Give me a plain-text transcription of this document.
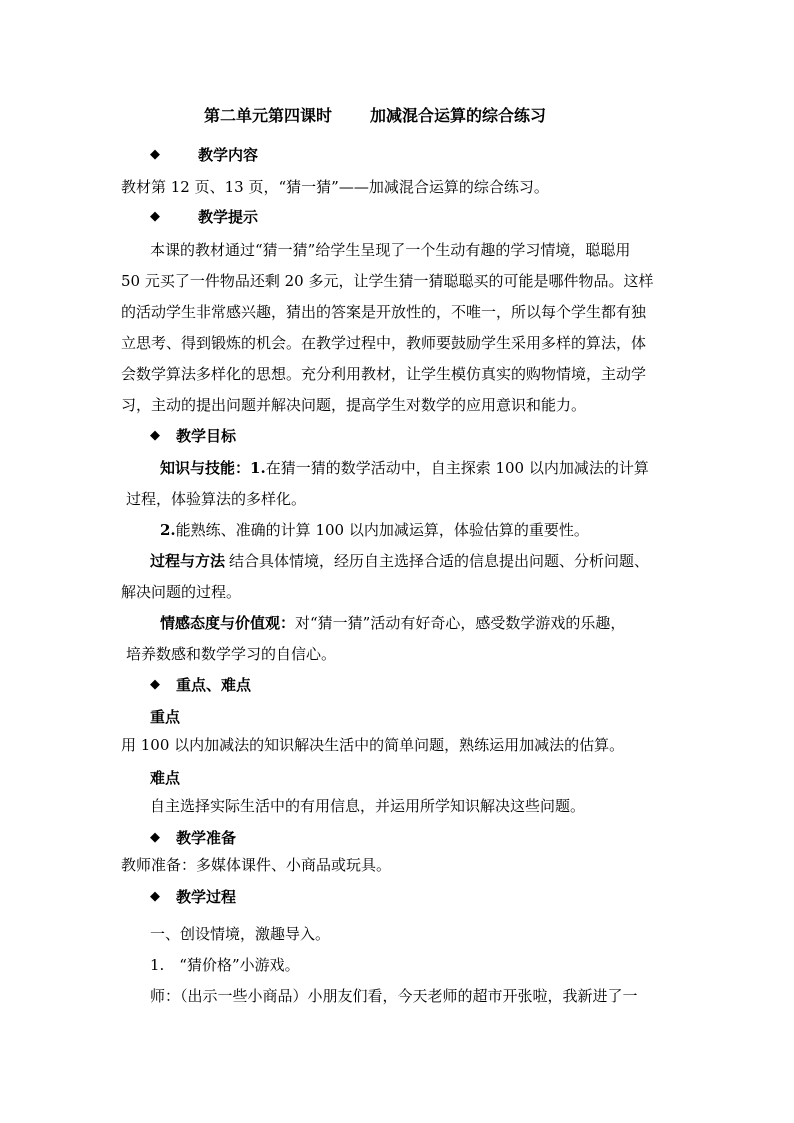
第二单元第四课时 加减混合运算的综合练习
◆	教学内容
教材第 12 页、13 页，“猜一猜”——加减混合运算的综合练习。
◆	教学提示
本课的教材通过“猜一猜”给学生呈现了一个生动有趣的学习情境，聪聪用
50 元买了一件物品还剩 20 多元，让学生猜一猜聪聪买的可能是哪件物品。这样
的活动学生非常感兴趣，猜出的答案是开放性的，不唯一，所以每个学生都有独
立思考、得到锻炼的机会。在教学过程中，教师要鼓励学生采用多样的算法，体
会数学算法多样化的思想。充分利用教材，让学生模仿真实的购物情境，主动学
习，主动的提出问题并解决问题，提高学生对数学的应用意识和能力。
◆ 教学目标
知识与技能：1.在猜一猜的数学活动中，自主探索 100 以内加减法的计算
过程，体验算法的多样化。
2.能熟练、准确的计算 100 以内加减运算，体验估算的重要性。
过程与方法 结合具体情境，经历自主选择合适的信息提出问题、分析问题、
解决问题的过程。
情感态度与价值观：对“猜一猜”活动有好奇心，感受数学游戏的乐趣，
培养数感和数学学习的自信心。
◆ 重点、难点
重点
用 100 以内加减法的知识解决生活中的简单问题，熟练运用加减法的估算。
难点
自主选择实际生活中的有用信息，并运用所学知识解决这些问题。
◆ 教学准备
教师准备：多媒体课件、小商品或玩具。
◆ 教学过程
一、创设情境，激趣导入。
1.　“猜价格”小游戏。
师：（出示一些小商品）小朋友们看，今天老师的超市开张啦，我新进了一
